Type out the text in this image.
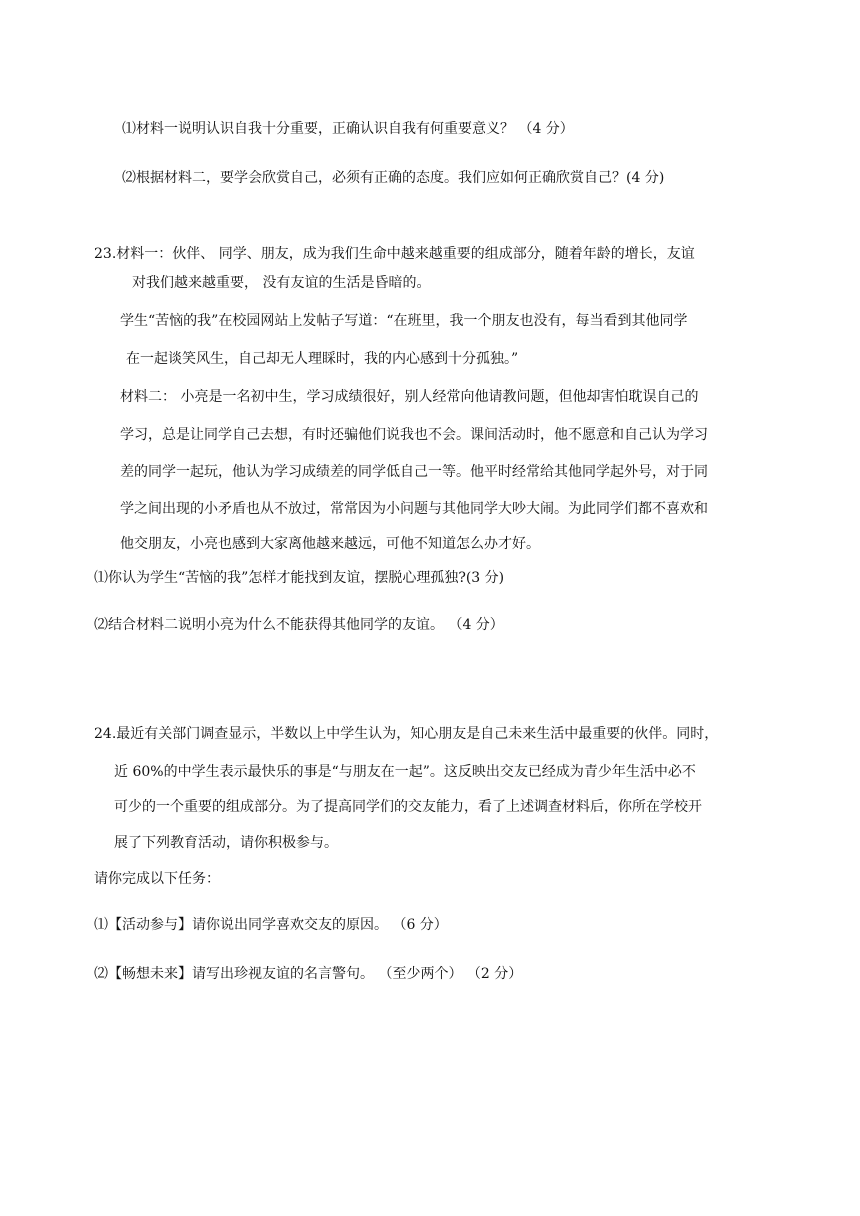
⑴材料一说明认识自我十分重要，正确认识自我有何重要意义？ （4 分）
⑵根据材料二，要学会欣赏自己，必须有正确的态度。我们应如何正确欣赏自己？(4 分)
23.材料一：伙伴、 同学、朋友，成为我们生命中越来越重要的组成部分，随着年龄的增长，友谊
对我们越来越重要， 没有友谊的生活是昏暗的。
学生“苦恼的我”在校园网站上发帖子写道：“在班里，我一个朋友也没有，每当看到其他同学
在一起谈笑风生，自己却无人理睬时，我的内心感到十分孤独。”
材料二： 小亮是一名初中生，学习成绩很好，别人经常向他请教问题，但他却害怕耽误自己的
学习，总是让同学自己去想，有时还骗他们说我也不会。课间活动时，他不愿意和自己认为学习
差的同学一起玩，他认为学习成绩差的同学低自己一等。他平时经常给其他同学起外号，对于同
学之间出现的小矛盾也从不放过，常常因为小问题与其他同学大吵大闹。为此同学们都不喜欢和
他交朋友，小亮也感到大家离他越来越远，可他不知道怎么办才好。
⑴你认为学生“苦恼的我”怎样才能找到友谊，摆脱心理孤独?(3 分)
⑵结合材料二说明小亮为什么不能获得其他同学的友谊。 （4 分）
24.最近有关部门调查显示，半数以上中学生认为，知心朋友是自己未来生活中最重要的伙伴。同时，
近 60%的中学生表示最快乐的事是“与朋友在一起”。这反映出交友已经成为青少年生活中必不
可少的一个重要的组成部分。为了提高同学们的交友能力，看了上述调查材料后，你所在学校开
展了下列教育活动，请你积极参与。
请你完成以下任务：
⑴【活动参与】请你说出同学喜欢交友的原因。 （6 分）
⑵【畅想未来】请写出珍视友谊的名言警句。 （至少两个） （2 分）
